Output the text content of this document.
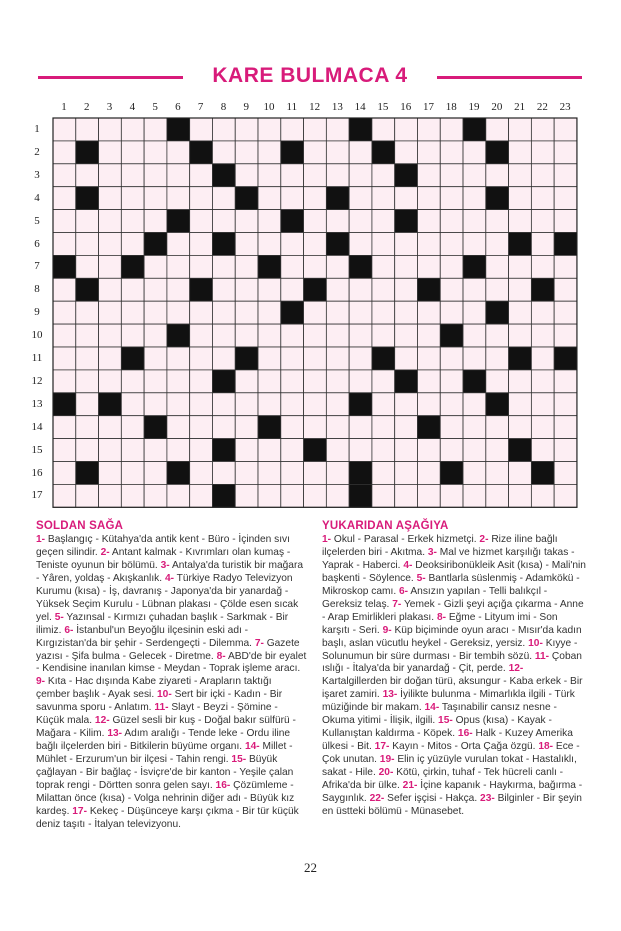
KARE BULMACA 4
1	2	3	4	5	6	7	8	9	10	11	12	13	14	15	16	17	18	19	20	21	22	23
1
2
3
4
5
6
7
8
9
10
11
12
13
14
15
16
17
SOLDAN SAĞA
1- Başlangıç - Kütahya'da antik kent - Büro - İçinden sıvı geçen silindir. 2- Antant kalmak - Kıvrımları olan kumaş - Teniste oyunun bir bölümü. 3- Antalya'da turistik bir mağara - Yâren, yoldaş - Akışkanlık. 4- Türkiye Radyo Televizyon Kurumu (kısa) - İş, davranış - Japonya'da bir yanardağ - Yüksek Seçim Kurulu - Lübnan plakası - Çölde esen sıcak yel. 5- Yazınsal - Kırmızı çuhadan başlık - Sarkmak - Bir ilimiz. 6- İstanbul'un Beyoğlu ilçesinin eski adı - Kırgızistan'da bir şehir - Serdengeçti - Dilemma. 7- Gazete yazısı - Şifa bulma - Gelecek - Diretme. 8- ABD'de bir eyalet - Kendisine inanılan kimse - Meydan - Toprak işleme aracı. 9- Kıta - Hac dışında Kabe ziyareti - Arapların taktığı çember başlık - Ayak sesi. 10- Sert bir içki - Kadın - Bir savunma sporu - Anlatım. 11- Slayt - Beyzi - Şömine - Küçük mala. 12- Güzel sesli bir kuş - Doğal bakır sülfürü - Mağara - Kilim. 13- Adım aralığı - Tende leke - Ordu iline bağlı ilçelerden biri - Bitkilerin büyüme organı. 14- Millet - Mühlet - Erzurum'un bir ilçesi - Tahin rengi. 15- Büyük çağlayan - Bir bağlaç - İsviçre'de bir kanton - Yeşile çalan toprak rengi - Dörtten sonra gelen sayı. 16- Çözümleme - Milattan önce (kısa) - Volga nehrinin diğer adı - Büyük kız kardeş. 17- Kekeç - Düşünceye karşı çıkma - Bir tür küçük deniz taşıtı - İtalyan televizyonu.
YUKARIDAN AŞAĞIYA
1- Okul - Parasal - Erkek hizmetçi. 2- Rize iline bağlı ilçelerden biri - Akıtma. 3- Mal ve hizmet karşılığı takas - Yaprak - Haberci. 4- Deoksiribonükleik Asit (kısa) - Mali'nin başkenti - Söylence. 5- Bantlarla süslenmiş - Adamkökü - Mikroskop camı. 6- Ansızın yapılan - Telli balıkçıl - Gereksiz telaş. 7- Yemek - Gizli şeyi açığa çıkarma - Anne - Arap Emirlikleri plakası. 8- Eğme - Lityum imi - Son karşıtı - Seri. 9- Küp biçiminde oyun aracı - Mısır'da kadın başlı, aslan vücutlu heykel - Gereksiz, yersiz. 10- Kıyye - Solunumun bir süre durması - Bir tembih sözü. 11- Çoban ıslığı - İtalya'da bir yanardağ - Çit, perde. 12- Kartalgillerden bir doğan türü, aksungur - Kaba erkek - Bir işaret zamiri. 13- İyilikte bulunma - Mimarlıkla ilgili - Türk müziğinde bir makam. 14- Taşınabilir cansız nesne - Okuma yitimi - İlişik, ilgili. 15- Opus (kısa) - Kayak - Kullanıştan kaldırma - Köpek. 16- Halk - Kuzey Amerika ülkesi - Bit. 17- Kayın - Mitos - Orta Çağa özgü. 18- Ece - Çok unutan. 19- Elin iç yüzüyle vurulan tokat - Hastalıklı, sakat - Hile. 20- Kötü, çirkin, tuhaf - Tek hücreli canlı - Afrika'da bir ülke. 21- İçine kapanık - Haykırma, bağırma - Saygınlık. 22- Sefer işçisi - Hakça. 23- Bilginler - Bir şeyin en üstteki bölümü - Münasebet.
22
